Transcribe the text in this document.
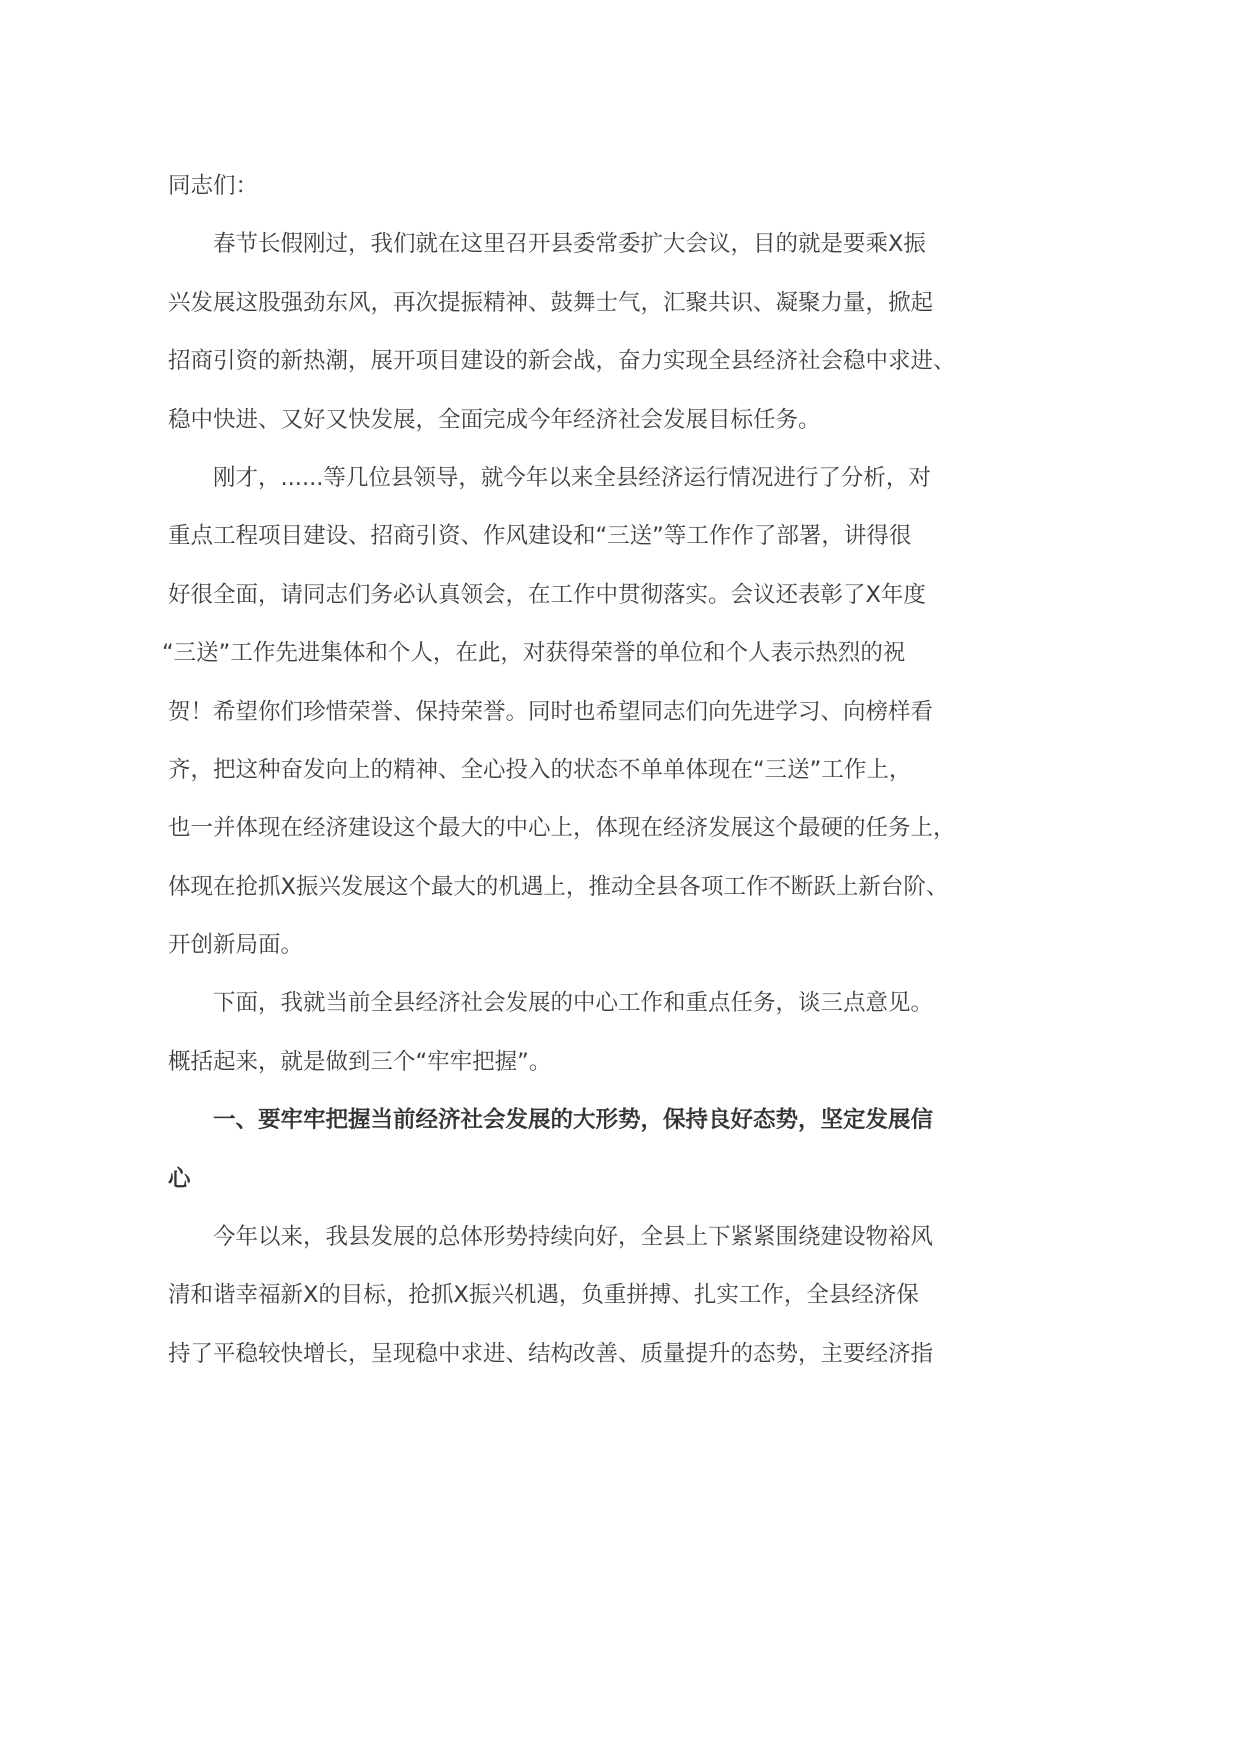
同志们：
春节长假刚过，我们就在这里召开县委常委扩大会议，目的就是要乘Ⅹ振
兴发展这股强劲东风，再次提振精神、鼓舞士气，汇聚共识、凝聚力量，掀起
招商引资的新热潮，展开项目建设的新会战，奋力实现全县经济社会稳中求进、
稳中快进、又好又快发展，全面完成今年经济社会发展目标任务。
刚才，......等几位县领导，就今年以来全县经济运行情况进行了分析，对
重点工程项目建设、招商引资、作风建设和“三送”等工作作了部署，讲得很
好很全面，请同志们务必认真领会，在工作中贯彻落实。会议还表彰了Ⅹ年度
“三送”工作先进集体和个人，在此，对获得荣誉的单位和个人表示热烈的祝
贺！希望你们珍惜荣誉、保持荣誉。同时也希望同志们向先进学习、向榜样看
齐，把这种奋发向上的精神、全心投入的状态不单单体现在“三送”工作上，
也一并体现在经济建设这个最大的中心上，体现在经济发展这个最硬的任务上，
体现在抢抓Ⅹ振兴发展这个最大的机遇上，推动全县各项工作不断跃上新台阶、
开创新局面。
下面，我就当前全县经济社会发展的中心工作和重点任务，谈三点意见。
概括起来，就是做到三个“牢牢把握”。
一、要牢牢把握当前经济社会发展的大形势，保持良好态势，坚定发展信
心
今年以来，我县发展的总体形势持续向好，全县上下紧紧围绕建设物裕风
清和谐幸福新Ⅹ的目标，抢抓Ⅹ振兴机遇，负重拼搏、扎实工作，全县经济保
持了平稳较快增长，呈现稳中求进、结构改善、质量提升的态势，主要经济指
